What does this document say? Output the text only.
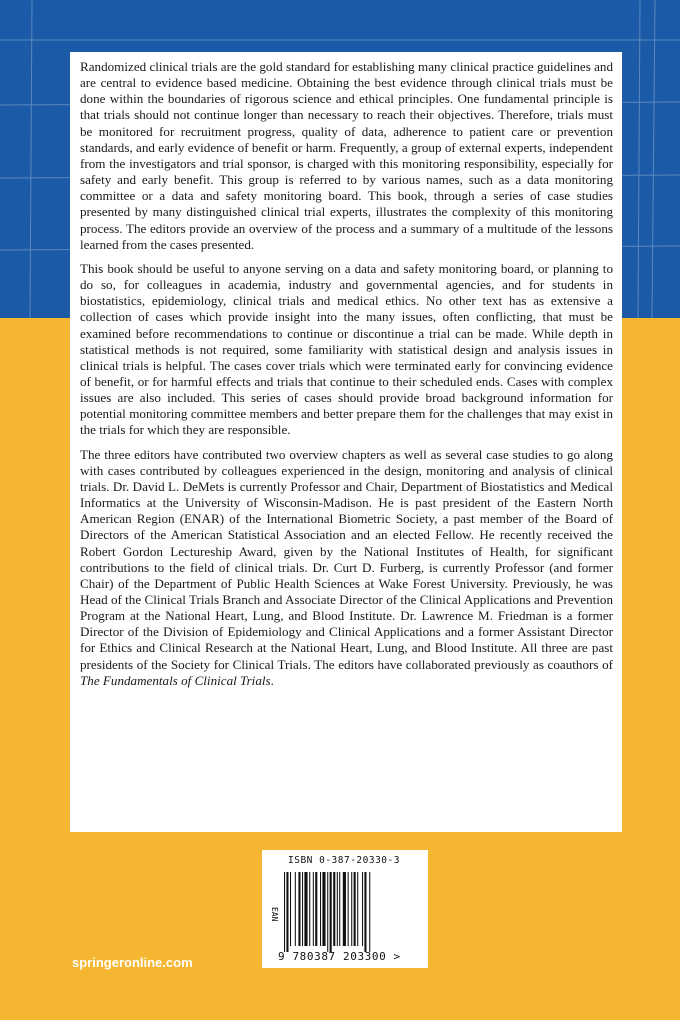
Randomized clinical trials are the gold standard for establishing many clinical practice guidelines and are central to evidence based medicine. Obtaining the best evidence through clinical trials must be done within the boundaries of rigorous science and ethical principles. One fundamental principle is that trials should not continue longer than necessary to reach their objectives. Therefore, trials must be monitored for recruitment progress, quality of data, adherence to patient care or prevention standards, and early evidence of benefit or harm. Frequently, a group of external experts, independent from the investigators and trial sponsor, is charged with this monitoring responsibility, especially for safety and early benefit. This group is referred to by various names, such as a data monitoring committee or a data and safety monitoring board. This book, through a series of case studies presented by many distinguished clinical trial experts, illustrates the complexity of this monitoring process. The editors provide an overview of the process and a summary of a multitude of the lessons learned from the cases presented.

This book should be useful to anyone serving on a data and safety monitoring board, or planning to do so, for colleagues in academia, industry and governmental agencies, and for students in biostatistics, epidemiology, clinical trials and medical ethics. No other text has as extensive a collection of cases which provide insight into the many issues, often conflicting, that must be examined before recommendations to continue or discontinue a trial can be made. While depth in statistical methods is not required, some familiarity with statistical design and analysis issues in clinical trials is helpful. The cases cover trials which were terminated early for convincing evidence of benefit, or for harmful effects and trials that continue to their scheduled ends. Cases with complex issues are also included. This series of cases should provide broad background information for potential monitoring committee members and better prepare them for the challenges that may exist in the trials for which they are responsible.

The three editors have contributed two overview chapters as well as several case studies to go along with cases contributed by colleagues experienced in the design, monitoring and analysis of clinical trials. Dr. David L. DeMets is currently Professor and Chair, Department of Biostatistics and Medical Informatics at the University of Wisconsin-Madison. He is past president of the Eastern North American Region (ENAR) of the International Biometric Society, a past member of the Board of Directors of the American Statistical Association and an elected Fellow. He recently received the Robert Gordon Lectureship Award, given by the National Institutes of Health, for significant contributions to the field of clinical trials. Dr. Curt D. Furberg, is currently Professor (and former Chair) of the Department of Public Health Sciences at Wake Forest University. Previously, he was Head of the Clinical Trials Branch and Associate Director of the Clinical Applications and Prevention Program at the National Heart, Lung, and Blood Institute. Dr. Lawrence M. Friedman is a former Director of the Division of Epidemiology and Clinical Applications and a former Assistant Director for Ethics and Clinical Research at the National Heart, Lung, and Blood Institute. All three are past presidents of the Society for Clinical Trials. The editors have collaborated previously as coauthors of The Fundamentals of Clinical Trials.

ISBN 0-387-20330-3
EAN
9 780387 203300 >
springeronline.com
